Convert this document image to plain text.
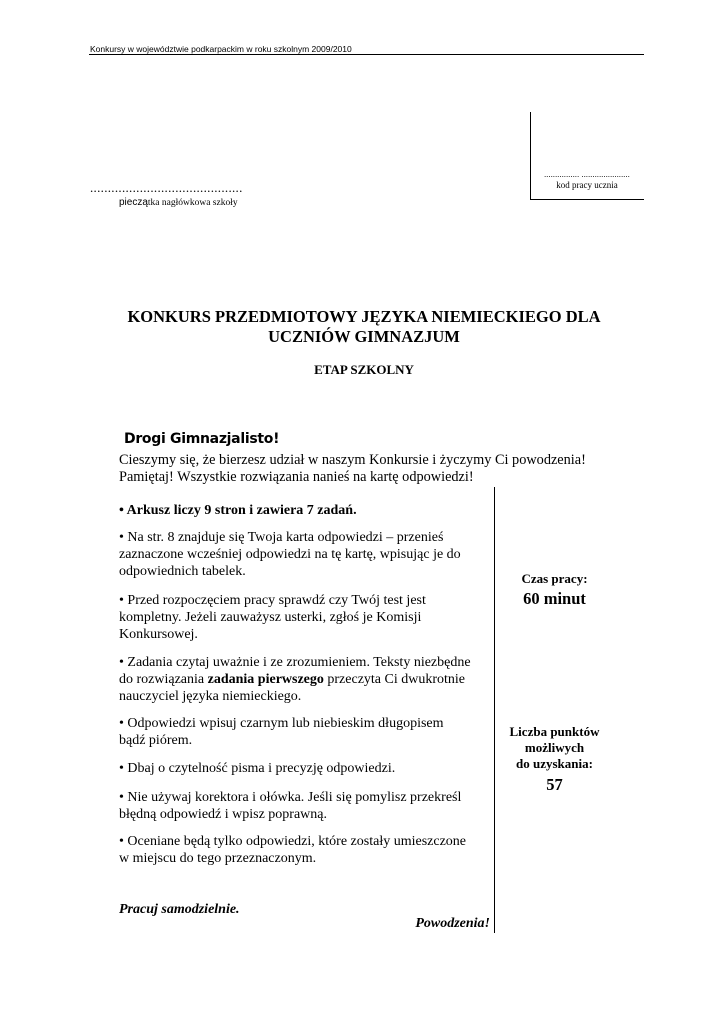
Konkursy w województwie podkarpackim w roku szkolnym 2009/2010
................ ......................
kod pracy ucznia
...........................................
pieczątka nagłówkowa szkoły
KONKURS PRZEDMIOTOWY JĘZYKA NIEMIECKIEGO DLA
UCZNIÓW GIMNAZJUM
ETAP SZKOLNY
Drogi Gimnazjalisto!
Cieszymy się, że bierzesz udział w naszym Konkursie i życzymy Ci powodzenia!
Pamiętaj! Wszystkie rozwiązania nanieś na kartę odpowiedzi!

• Arkusz liczy 9 stron i zawiera 7 zadań.

• Na str. 8 znajduje się Twoja karta odpowiedzi – przenieś

zaznaczone wcześniej odpowiedzi na tę kartę, wpisując je do

odpowiednich tabelek.

• Przed rozpoczęciem pracy sprawdź czy Twój test jest

kompletny. Jeżeli zauważysz usterki, zgłoś je Komisji

Konkursowej.

• Zadania czytaj uważnie i ze zrozumieniem. Teksty niezbędne

do rozwiązania zadania pierwszego przeczyta Ci dwukrotnie

nauczyciel języka niemieckiego.

• Odpowiedzi wpisuj czarnym lub niebieskim długopisem

bądź piórem.

• Dbaj o czytelność pisma i precyzję odpowiedzi.

• Nie używaj korektora i ołówka. Jeśli się pomylisz przekreśl

błędną odpowiedź i wpisz poprawną.

• Oceniane będą tylko odpowiedzi, które zostały umieszczone

w miejscu do tego przeznaczonym.

Czas pracy:
60 minut
Liczba punktów
możliwych
do uzyskania:
57
Pracuj samodzielnie.
Powodzenia!
